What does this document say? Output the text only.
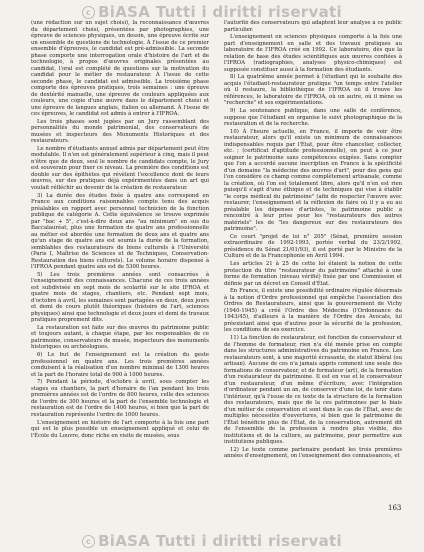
c BiASA Tutti i diritti riservati

(une rédaction sur un sujet choisi), la reconnaissance d'œuvres du département choisi, présentées par photographies, une épreuve de sciences physiques, un dessin, une épreuve écrite sur un ensemble de questions de technologie. À l'issue de ce premier ensemble d'épreuves, le candidat est pré-admissible. La seconde phase comporte une interrogation orale d'histoire de l'art et de technologie, à propos d'œuvres originales présentées au candidat, l'oral est complété de questions sur la motivation du candidat pour le métier de restaurateur. À l'issue de cette seconde phase, le candidat est admissible. La troisième phase comporte des épreuves pratiques, trois semaines : une épreuve de dextérité manuelle, une épreuve de couleurs appliquées aux couleurs, une copie d'une œuvre dans le département choisi et une épreuve de langues anglais, italien ou allemand. À l'issue de ces épreuves, le candidat est admis à entrer à l'IFROA.

Les trois phases sont jugées par un Jury rassemblant des personnalités du monde patrimonial, des conservateurs de musées et inspecteurs des Monuments Historiques et des restaurateurs.

Le nombre d'étudiants annuel admis par département peut être modulable. Il n'en est généralement supérieur à cinq, mais il peut n'être que de deux, seul le nombre de candidats compte, le Jury est souverain pour fixer ce niveau. La première des conditions est double sur des épithètes qui révèlent l'excellence dont de leurs œuvres, sur des pratiques déjà expérimentées dans un art qui voulait réfléchir au devenir de la création de restaurateur.

3) La durée des études fixée à quatre ans correspond en France aux conditions raisonnables compte tenu des acquis préalables en rapport avec personnel technicien de la fonction publique de catégorie A. Cette équivalence se trouve exprimée par "bac + 5", c'est-à-dire deux ans "au minimum" en sus du Baccalauréat, plus une formation de quatre ans professionnelle au métier est abordée une formation de deux ans et quatre ans qu'un stage de quatre ans est soumis la durée de la formation, semblables des restaurateurs de biens culturels à l'Université (Paris I, Maîtrise de Sciences et de Techniques, Conservation-Restauration des biens culturels). Le volume horaire dispensé à l'IFROA pendant quatre ans est de 5300 heures.

5) Les trois premières années sont consacrées à l'enseignement des connaissances. Chacune de ces trois années est subdivisée en sept mois de scolarité sur le site IFROA et quatre mois de stages, chantiers, etc. Pendant sept mois, d'octobre à avril, les semaines sont partagées en deux, deux jours et demi de cours plutôt théoriques (histoire de l'art, sciences physiques) ainsi que technologie et deux jours et demi de travaux pratiques proprement dits.

La restauration est faite sur des œuvres du patrimoine public et toujours autant, à chaque étape, par les responsables de ce patrimoine, conservateurs de musée, inspecteurs des monuments historiques ou archéologues.

6) Le but de l'enseignement est la création du geste professionnel en quatre ans. Les trois premières années conduisent à la réalisation d'un nombre minimal de 1300 heures et la part de l'horaire total de 900 à 1000 heures.

7) Pendant la période, d'octobre à avril, sous compter les stages ou chantiers, la part d'horaire de l'an pendant les trois premières années est de l'ordre de 800 heures, celle des sciences de l'ordre de 300 heures et la part de l'ensemble technologie et restauration est de l'ordre de 1400 heures, si bien que la part de restauration représente l'ordre de 1000 heures.

L'enseignement en histoire de l'art comporte à la fois une part qui est le plus possible un enseignement appliqué et celui de l'École du Louvre, donc riche en visite de musées, sous

l'autorité des conservateurs qui adaptent leur analyse à ce public particulier.

L'enseignement en sciences physiques comporte à la fois une part d'enseignement en salle et des travaux pratiques au laboratoire de l'IFROA créé en 1992. Ce laboratoire, dès que la relation de base des études scientifiques aux œuvres confiées à l'IFROA (radiographies, analyses physico-chimiques) est supposée constituer aussi à la formation des étudiants.

8) La quatrième année permet à l'étudiant qui le souhaite des acquis l'étudiant-restaurateur pratique "un temps entre l'atelier où il restaure, la bibliothèque de l'IFROA où il trouve les références, le laboratoire de l'IFROA, où un autre, où il mène sa "recherche" et ses expérimentations.

9) La soutenance publique, dans une salle de conférence, suppose que l'étudiant en organise le suivi photographique de la restauration et de la recherche.

10) À l'heure actuelle, en France, il importe de voir être restaurateur, alors qu'il existe un minimum de connaissances indispensables requis par l'État, pour être chancelier, collecter, etc. ; (certificat d'aptitude professionnelle), on peut à ce jour soigner le patrimoine sans compétences exigées. Sans compter que l'on a accordé aucune inscription en France à la spécificité d'un domaine "la médecine des œuvres d'art", pour des gens qui l'on considère ce champ comme complètement artisanale, comme la création, où l'on est totalement libre, alors qu'il n'en est rien puisqu'il s'agit d'une éthique et de techniques qui vise à établir "le corps médical du patrimoine" (afin de respecter l'œuvre avec restaurer, l'enseignement et la réflexion de faire où il y a eu au préalable les dépenses d'artistes, le patrimoine public a rencontré à leur prise pour les "restaurateurs des autres matériels" les de "les dangereux sur des restaurateurs des patrimoine".

Ce court "projet de loi n° 205" (Sénat, première session extraordinaire de 1992-1993, portée verbal du 23/2/1992, présidence du Sénat 21/01/93), il est porté par le Ministre de la Culture et de la Francophonie en Avril 1994.

Les articles 21 à 25 de cette loi étaient la notion de cette protection du titre "restaurateur du patrimoine" attaché à une forme de formation (niveau vérifié) fixée par une Commission et définie par un décret en Conseil d'État.

En France, il existe une possibilité ordinaire régulée désormais à la notion d'Ordre professionnel qui empêche l'association des Ordres de Restaurateurs, ainsi que la gouvernement de Vichy (1940-1945) a créé l'Ordre des Médecins (l'Ordonnance du 1943/45), d'ailleurs à la manière de l'Ordre des Avocats, lui préexistant ainsi que d'autres pour la sécurité de la profession, les conditions de ses exercice.

11) La fonction de restaurateur, est fonction de conservateur et de l'homme de formateur, rien n'a été menée prise en compte dans les structures administratives du patrimoine en France. Les restaurateurs sont, à une majorité écrasante, de statut libéral (ou artisan). Aucune de ces n'a jamais appris comment une seule des formations de conservateur, et de formateur (art), de la formation d'un restaurateur du patrimoine. Il est en vue et le conservateur d'un restaurateur, d'un même d'écriture, avec l'intégration d'ordinateur pendant un an, de conserver d'une loi, de tenir dans l'intérieur, qu'à l'issue de ce texte de la structure de la formation des restaurateurs, mais que de la ces patrimoines par le biais d'un métier de conservation et sont dans le cas de l'État, avec de multiples nécessités d'ouvertures, si bien que le patrimoine de l'État bénéficie plus de l'État, de la conservation, autrement dit de l'ensemble de la profession à rendre plus visible, des institutions et de la culture, au patrimoine, pour permettre aux institutions publiques.

12) Le texte comme partenaire pendant les trois premières années d'enseignement, on l'enseignement des connaissances, et

163
c BiASA Tutti i diritti riservati
